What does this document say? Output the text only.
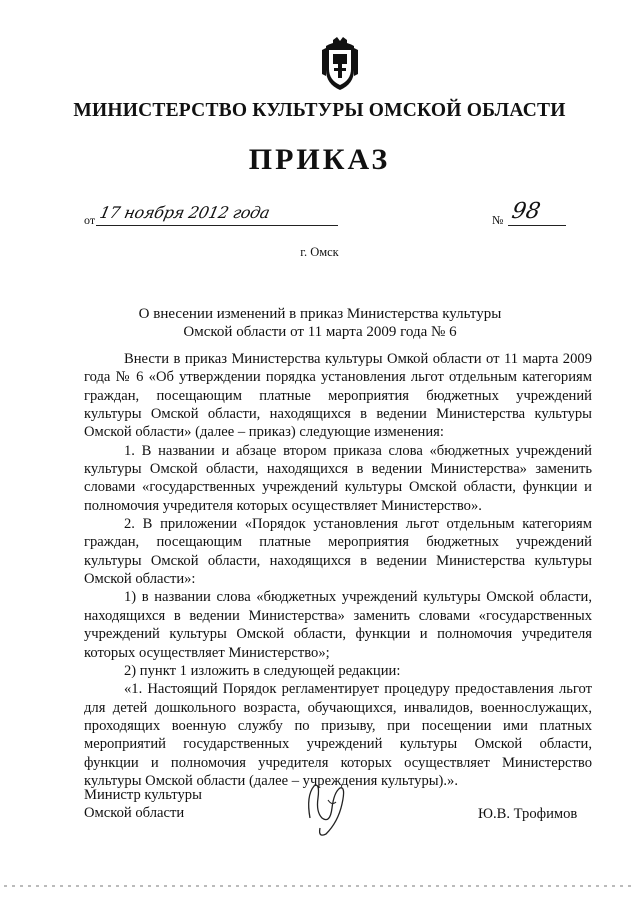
МИНИСТЕРСТВО КУЛЬТУРЫ ОМСКОЙ ОБЛАСТИ
ПРИКАЗ
от 17 ноября 2012 года	№ 98
г. Омск
О внесении изменений в приказ Министерства культуры
Омской области от 11 марта 2009 года № 6
Внести в приказ Министерства культуры Омкой области от 11 марта 2009
года № 6 «Об утверждении порядка установления льгот отдельным категориям
граждан, посещающим платные мероприятия бюджетных учреждений
культуры Омской области, находящихся в ведении Министерства культуры
Омской области» (далее – приказ) следующие изменения:
1. В названии и абзаце втором приказа слова «бюджетных учреждений
культуры Омской области, находящихся в ведении Министерства» заменить
словами «государственных учреждений культуры Омской области, функции и
полномочия учредителя которых осуществляет Министерство».
2. В приложении «Порядок установления льгот отдельным категориям
граждан, посещающим платные мероприятия бюджетных учреждений
культуры Омской области, находящихся в ведении Министерства культуры
Омской области»:
1) в названии слова «бюджетных учреждений культуры Омской области,
находящихся в ведении Министерства» заменить словами «государственных
учреждений культуры Омской области, функции и полномочия учредителя
которых осуществляет Министерство»;
2) пункт 1 изложить в следующей редакции:
«1. Настоящий Порядок регламентирует процедуру предоставления льгот
для детей дошкольного возраста, обучающихся, инвалидов, военнослужащих,
проходящих военную службу по призыву, при посещении ими платных
мероприятий государственных учреждений культуры Омской области,
функции и полномочия учредителя которых осуществляет Министерство
культуры Омской области (далее – учреждения культуры).».
Министр культуры
Омской области	Ю.В. Трофимов
